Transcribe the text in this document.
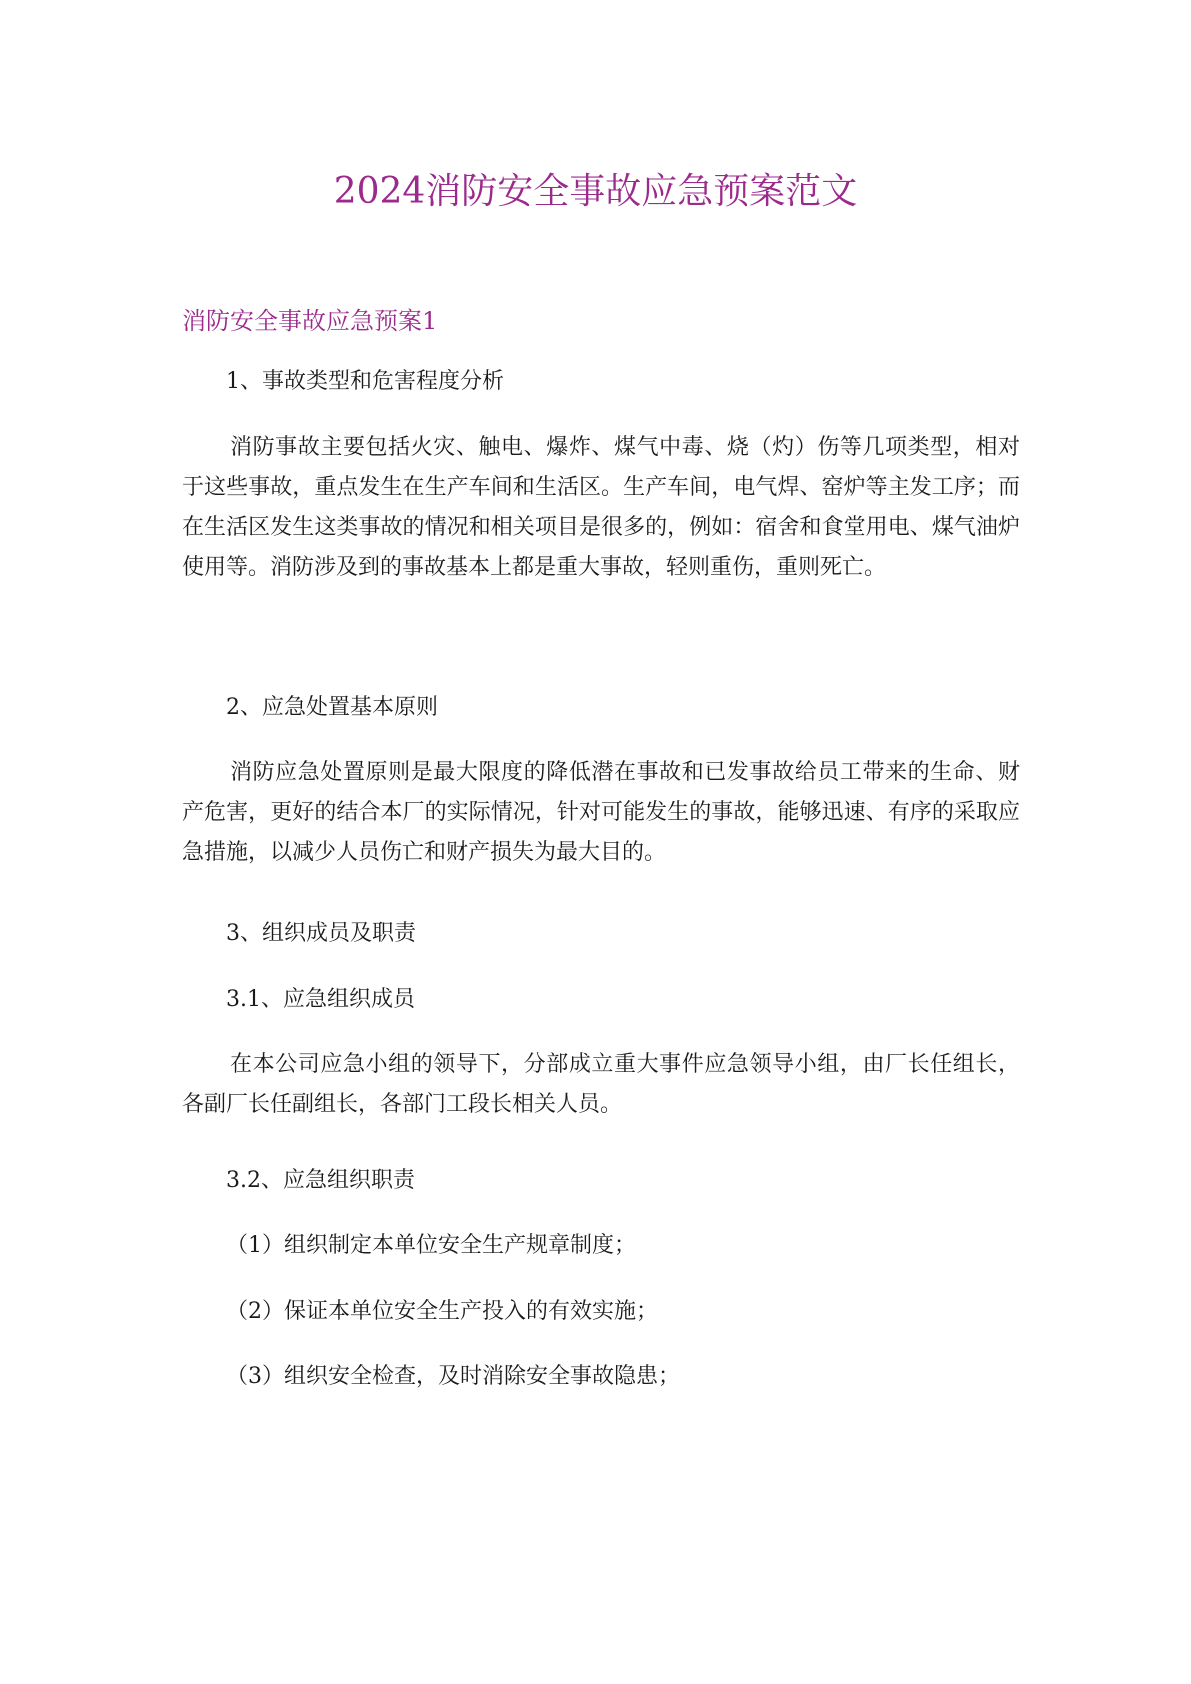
2024消防安全事故应急预案范文
消防安全事故应急预案1

1、事故类型和危害程度分析

消防事故主要包括火灾、触电、爆炸、煤气中毒、烧（灼）伤等几项类型，相对于这些事故，重点发生在生产车间和生活区。生产车间，电气焊、窑炉等主发工序；而在生活区发生这类事故的情况和相关项目是很多的，例如：宿舍和食堂用电、煤气油炉使用等。消防涉及到的事故基本上都是重大事故，轻则重伤，重则死亡。

2、应急处置基本原则

消防应急处置原则是最大限度的降低潜在事故和已发事故给员工带来的生命、财产危害，更好的结合本厂的实际情况，针对可能发生的事故，能够迅速、有序的采取应急措施，以减少人员伤亡和财产损失为最大目的。

3、组织成员及职责

3.1、应急组织成员

在本公司应急小组的领导下，分部成立重大事件应急领导小组，由厂长任组长，各副厂长任副组长，各部门工段长相关人员。

3.2、应急组织职责

（1）组织制定本单位安全生产规章制度；

（2）保证本单位安全生产投入的有效实施；

（3）组织安全检查，及时消除安全事故隐患；
